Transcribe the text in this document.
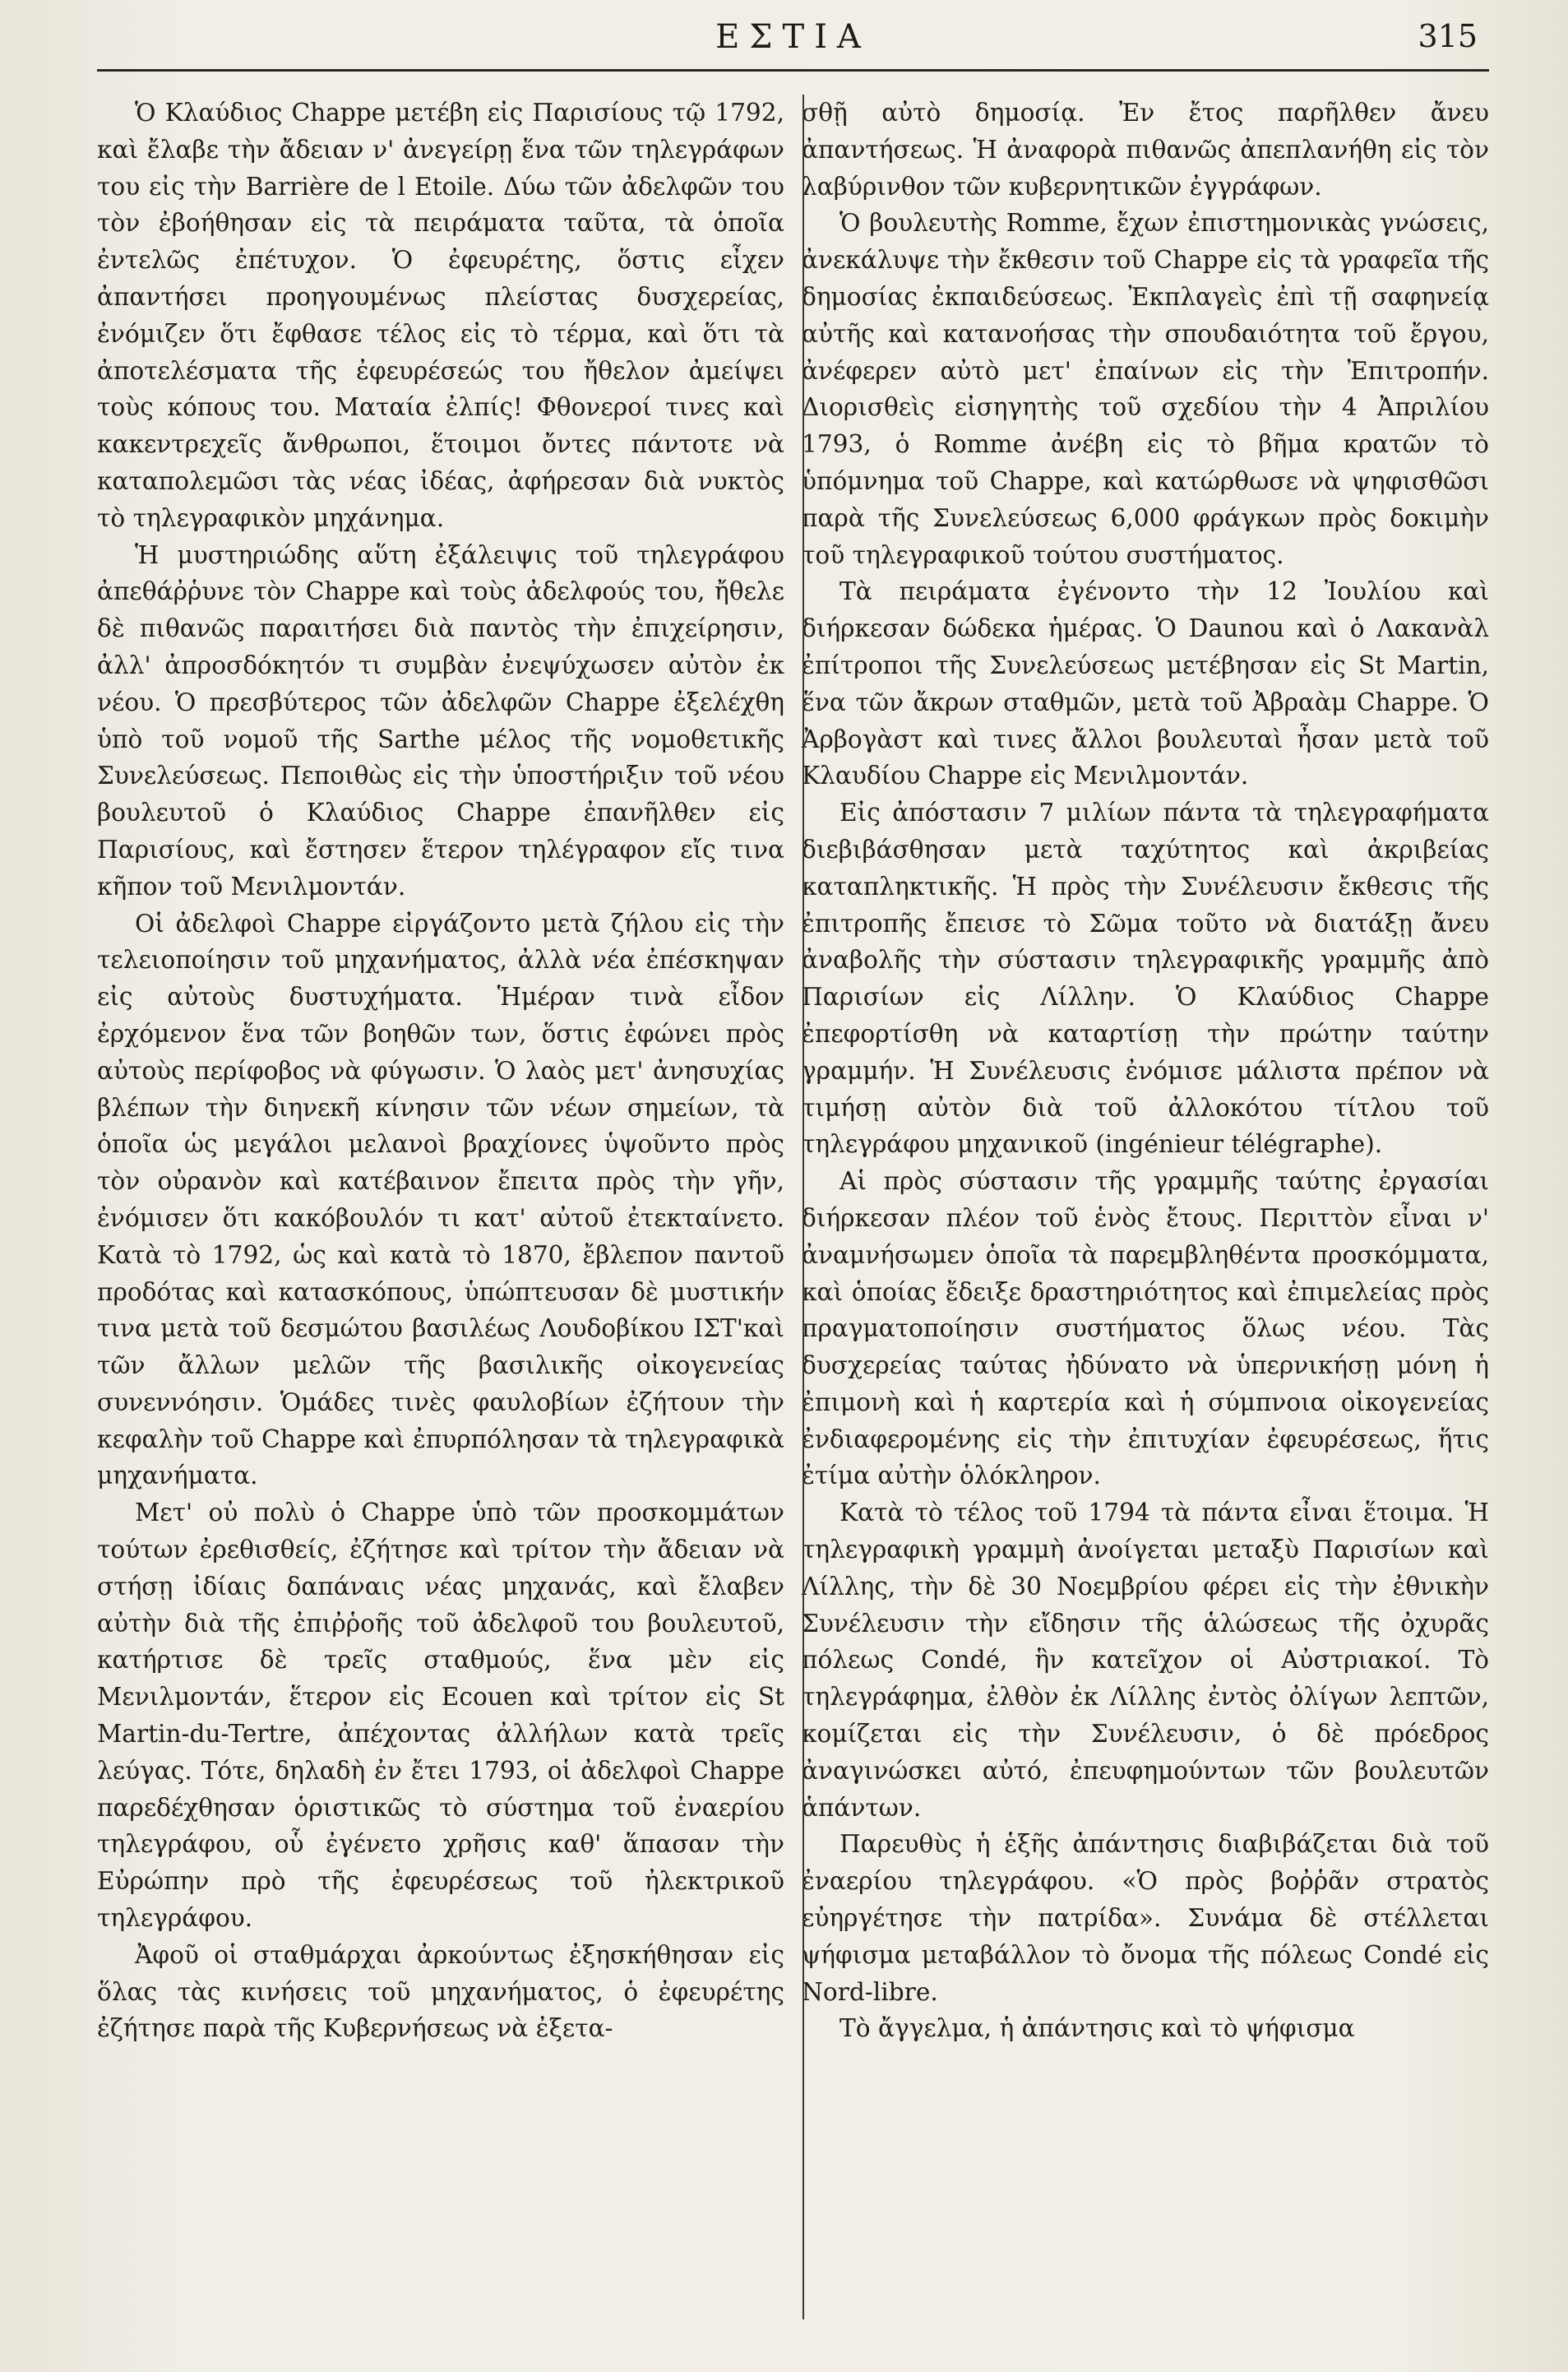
ΕΣΤΙΑ	315

Ὁ Κλαύδιος Chappe μετέβη εἰς Παρισίους τῷ 1792, καὶ ἔλαβε τὴν ἄδειαν ν' ἀνεγείρῃ ἕνα τῶν τηλεγράφων του εἰς τὴν Barrière de l Etoile. Δύω τῶν ἀδελφῶν του τὸν ἐβοήθησαν εἰς τὰ πειράματα ταῦτα, τὰ ὁποῖα ἐντελῶς ἐπέτυχον. Ὁ ἐφευρέτης, ὅστις εἶχεν ἀπαντήσει προηγουμένως πλείστας δυσχερείας, ἐνόμιζεν ὅτι ἔφθασε τέλος εἰς τὸ τέρμα, καὶ ὅτι τὰ ἀποτελέσματα τῆς ἐφευρέσεώς του ἤθελον ἀμείψει τοὺς κόπους του. Ματαία ἐλπίς! Φθονεροί τινες καὶ κακεντρεχεῖς ἄνθρωποι, ἕτοιμοι ὄντες πάντοτε νὰ καταπολεμῶσι τὰς νέας ἰδέας, ἀφήρεσαν διὰ νυκτὸς τὸ τηλεγραφικὸν μηχάνημα.

Ἡ μυστηριώδης αὕτη ἐξάλειψις τοῦ τηλεγράφου ἀπεθάῤῥυνε τὸν Chappe καὶ τοὺς ἀδελφούς του, ἤθελε δὲ πιθανῶς παραιτήσει διὰ παντὸς τὴν ἐπιχείρησιν, ἀλλ' ἀπροσδόκητόν τι συμβὰν ἐνεψύχωσεν αὐτὸν ἐκ νέου. Ὁ πρεσβύτερος τῶν ἀδελφῶν Chappe ἐξελέχθη ὑπὸ τοῦ νομοῦ τῆς Sarthe μέλος τῆς νομοθετικῆς Συνελεύσεως. Πεποιθὼς εἰς τὴν ὑποστήριξιν τοῦ νέου βουλευτοῦ ὁ Κλαύδιος Chappe ἐπανῆλθεν εἰς Παρισίους, καὶ ἔστησεν ἕτερον τηλέγραφον εἴς τινα κῆπον τοῦ Μενιλμοντάν.

Οἱ ἀδελφοὶ Chappe εἰργάζοντο μετὰ ζήλου εἰς τὴν τελειοποίησιν τοῦ μηχανήματος, ἀλλὰ νέα ἐπέσκηψαν εἰς αὐτοὺς δυστυχήματα. Ἡμέραν τινὰ εἶδον ἐρχόμενον ἕνα τῶν βοηθῶν των, ὅστις ἐφώνει πρὸς αὐτοὺς περίφοβος νὰ φύγωσιν. Ὁ λαὸς μετ' ἀνησυχίας βλέπων τὴν διηνεκῆ κίνησιν τῶν νέων σημείων, τὰ ὁποῖα ὡς μεγάλοι μελανοὶ βραχίονες ὑψοῦντο πρὸς τὸν οὐρανὸν καὶ κατέβαινον ἔπειτα πρὸς τὴν γῆν, ἐνόμισεν ὅτι κακόβουλόν τι κατ' αὐτοῦ ἐτεκταίνετο. Κατὰ τὸ 1792, ὡς καὶ κατὰ τὸ 1870, ἔβλεπον παντοῦ προδότας καὶ κατασκόπους, ὑπώπτευσαν δὲ μυστικήν τινα μετὰ τοῦ δεσμώτου βασιλέως Λουδοβίκου ΙΣΤ'καὶ τῶν ἄλλων μελῶν τῆς βασιλικῆς οἰκογενείας συνεννόησιν. Ὁμάδες τινὲς φαυλοβίων ἐζήτουν τὴν κεφαλὴν τοῦ Chappe καὶ ἐπυρπόλησαν τὰ τηλεγραφικὰ μηχανήματα.

Μετ' οὐ πολὺ ὁ Chappe ὑπὸ τῶν προσκομμάτων τούτων ἐρεθισθείς, ἐζήτησε καὶ τρίτον τὴν ἄδειαν νὰ στήσῃ ἰδίαις δαπάναις νέας μηχανάς, καὶ ἔλαβεν αὐτὴν διὰ τῆς ἐπιῤῥοῆς τοῦ ἀδελφοῦ του βουλευτοῦ, κατήρτισε δὲ τρεῖς σταθμούς, ἕνα μὲν εἰς Μενιλμοντάν, ἕτερον εἰς Ecouen καὶ τρίτον εἰς St Martin-du-Tertre, ἀπέχοντας ἀλλήλων κατὰ τρεῖς λεύγας. Τότε, δηλαδὴ ἐν ἔτει 1793, οἱ ἀδελφοὶ Chappe παρεδέχθησαν ὁριστικῶς τὸ σύστημα τοῦ ἐναερίου τηλεγράφου, οὗ ἐγένετο χρῆσις καθ' ἅπασαν τὴν Εὐρώπην πρὸ τῆς ἐφευρέσεως τοῦ ἠλεκτρικοῦ τηλεγράφου.

Ἀφοῦ οἱ σταθμάρχαι ἀρκούντως ἐξησκήθησαν εἰς ὅλας τὰς κινήσεις τοῦ μηχανήματος, ὁ ἐφευρέτης ἐζήτησε παρὰ τῆς Κυβερνήσεως νὰ ἐξετα-

σθῇ αὐτὸ δημοσίᾳ. Ἐν ἔτος παρῆλθεν ἄνευ ἀπαντήσεως. Ἡ ἀναφορὰ πιθανῶς ἀπεπλανήθη εἰς τὸν λαβύρινθον τῶν κυβερνητικῶν ἐγγράφων.

Ὁ βουλευτὴς Romme, ἔχων ἐπιστημονικὰς γνώσεις, ἀνεκάλυψε τὴν ἔκθεσιν τοῦ Chappe εἰς τὰ γραφεῖα τῆς δημοσίας ἐκπαιδεύσεως. Ἐκπλαγεὶς ἐπὶ τῇ σαφηνείᾳ αὐτῆς καὶ κατανοήσας τὴν σπουδαιότητα τοῦ ἔργου, ἀνέφερεν αὐτὸ μετ' ἐπαίνων εἰς τὴν Ἐπιτροπήν. Διορισθεὶς εἰσηγητὴς τοῦ σχεδίου τὴν 4 Ἀπριλίου 1793, ὁ Romme ἀνέβη εἰς τὸ βῆμα κρατῶν τὸ ὑπόμνημα τοῦ Chappe, καὶ κατώρθωσε νὰ ψηφισθῶσι παρὰ τῆς Συνελεύσεως 6,000 φράγκων πρὸς δοκιμὴν τοῦ τηλεγραφικοῦ τούτου συστήματος.

Τὰ πειράματα ἐγένοντο τὴν 12 Ἰουλίου καὶ διήρκεσαν δώδεκα ἡμέρας. Ὁ Daunou καὶ ὁ Λακανὰλ ἐπίτροποι τῆς Συνελεύσεως μετέβησαν εἰς St Martin, ἕνα τῶν ἄκρων σταθμῶν, μετὰ τοῦ Ἀβραὰμ Chappe. Ὁ Ἀρβογὰστ καὶ τινες ἄλλοι βουλευταὶ ἦσαν μετὰ τοῦ Κλαυδίου Chappe εἰς Μενιλμοντάν.

Εἰς ἀπόστασιν 7 μιλίων πάντα τὰ τηλεγραφήματα διεβιβάσθησαν μετὰ ταχύτητος καὶ ἀκριβείας καταπληκτικῆς. Ἡ πρὸς τὴν Συνέλευσιν ἔκθεσις τῆς ἐπιτροπῆς ἔπεισε τὸ Σῶμα τοῦτο νὰ διατάξῃ ἄνευ ἀναβολῆς τὴν σύστασιν τηλεγραφικῆς γραμμῆς ἀπὸ Παρισίων εἰς Λίλλην. Ὁ Κλαύδιος Chappe ἐπεφορτίσθη νὰ καταρτίσῃ τὴν πρώτην ταύτην γραμμήν. Ἡ Συνέλευσις ἐνόμισε μάλιστα πρέπον νὰ τιμήσῃ αὐτὸν διὰ τοῦ ἀλλοκότου τίτλου τοῦ τηλεγράφου μηχανικοῦ (ingénieur télégraphe).

Αἱ πρὸς σύστασιν τῆς γραμμῆς ταύτης ἐργασίαι διήρκεσαν πλέον τοῦ ἑνὸς ἔτους. Περιττὸν εἶναι ν' ἀναμνήσωμεν ὁποῖα τὰ παρεμβληθέντα προσκόμματα, καὶ ὁποίας ἔδειξε δραστηριότητος καὶ ἐπιμελείας πρὸς πραγματοποίησιν συστήματος ὅλως νέου. Τὰς δυσχερείας ταύτας ἠδύνατο νὰ ὑπερνικήσῃ μόνη ἡ ἐπιμονὴ καὶ ἡ καρτερία καὶ ἡ σύμπνοια οἰκογενείας ἐνδιαφερομένης εἰς τὴν ἐπιτυχίαν ἐφευρέσεως, ἥτις ἐτίμα αὐτὴν ὁλόκληρον.

Κατὰ τὸ τέλος τοῦ 1794 τὰ πάντα εἶναι ἕτοιμα. Ἡ τηλεγραφικὴ γραμμὴ ἀνοίγεται μεταξὺ Παρισίων καὶ Λίλλης, τὴν δὲ 30 Νοεμβρίου φέρει εἰς τὴν ἐθνικὴν Συνέλευσιν τὴν εἴδησιν τῆς ἁλώσεως τῆς ὀχυρᾶς πόλεως Condé, ἣν κατεῖχον οἱ Αὐστριακοί. Τὸ τηλεγράφημα, ἐλθὸν ἐκ Λίλλης ἐντὸς ὀλίγων λεπτῶν, κομίζεται εἰς τὴν Συνέλευσιν, ὁ δὲ πρόεδρος ἀναγινώσκει αὐτό, ἐπευφημούντων τῶν βουλευτῶν ἁπάντων.

Παρευθὺς ἡ ἑξῆς ἀπάντησις διαβιβάζεται διὰ τοῦ ἐναερίου τηλεγράφου. «Ὁ πρὸς βοῤῥᾶν στρατὸς εὐηργέτησε τὴν πατρίδα». Συνάμα δὲ στέλλεται ψήφισμα μεταβάλλον τὸ ὄνομα τῆς πόλεως Condé εἰς Nord-libre.

Τὸ ἄγγελμα, ἡ ἀπάντησις καὶ τὸ ψήφισμα
